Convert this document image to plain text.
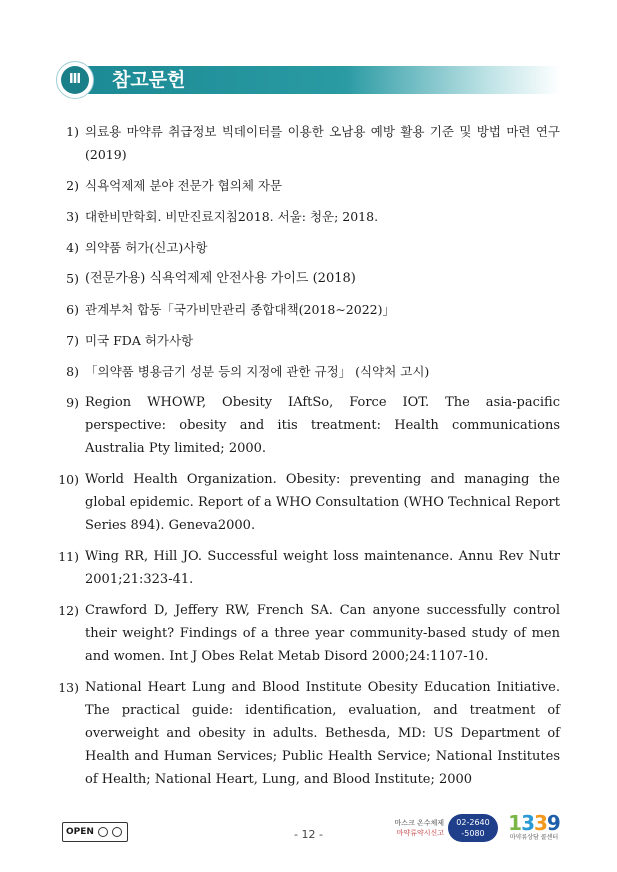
Ⅲ	참고문헌
1) 의료용 마약류 취급정보 빅데이터를 이용한 오남용 예방 활용 기준 및 방법 마련 연구 (2019)
2) 식욕억제제 분야 전문가 협의체 자문
3) 대한비만학회. 비만진료지침2018. 서울: 청운; 2018.
4) 의약품 허가(신고)사항
5) (전문가용) 식욕억제제 안전사용 가이드 (2018)
6) 관계부처 합동「국가비만관리 종합대책(2018∼2022)」
7) 미국 FDA 허가사항
8) 「의약품 병용금기 성분 등의 지정에 관한 규정」 (식약처 고시)
9) Region WHOWP, Obesity IAftSo, Force IOT. The asia-pacific perspective: obesity and itis treatment: Health communications Australia Pty limited; 2000.
10) World Health Organization. Obesity: preventing and managing the global epidemic. Report of a WHO Consultation (WHO Technical Report Series 894). Geneva2000.
11) Wing RR, Hill JO. Successful weight loss maintenance. Annu Rev Nutr 2001;21:323-41.
12) Crawford D, Jeffery RW, French SA. Can anyone successfully control their weight? Findings of a three year community-based study of men and women. Int J Obes Relat Metab Disord 2000;24:1107-10.
13) National Heart Lung and Blood Institute Obesity Education Initiative. The practical guide: identification, evaluation, and treatment of overweight and obesity in adults. Bethesda, MD: US Department of Health and Human Services; Public Health Service; National Institutes of Health; National Heart, Lung, and Blood Institute; 2000
OPEN	- 12 -
마스크 온수체제
마약류약시신고
02-2640
-5080	1339
마약류상담 콜센터
